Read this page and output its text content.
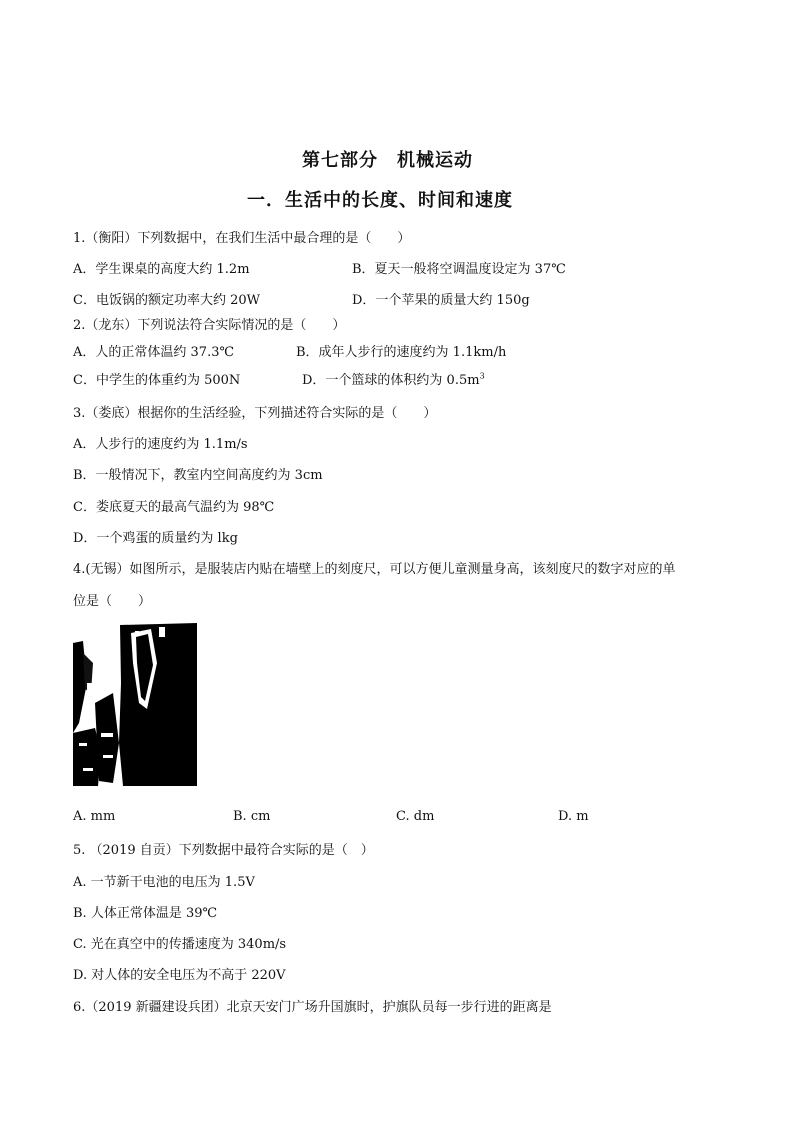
第七部分　机械运动
一．生活中的长度、时间和速度
1.（衡阳）下列数据中，在我们生活中最合理的是（　　）
A．学生课桌的高度大约 1.2m	B．夏天一般将空调温度设定为 37℃
C．电饭锅的额定功率大约 20W	D．一个苹果的质量大约 150g
2.（龙东）下列说法符合实际情况的是（　　）
A．人的正常体温约 37.3℃	B．成年人步行的速度约为 1.1km/h
C．中学生的体重约为 500N	D．一个篮球的体积约为 $0.5m^3$
3.（娄底）根据你的生活经验，下列描述符合实际的是（　　）
A．人步行的速度约为 1.1m/s
B．一般情况下，教室内空间高度约为 3cm
C．娄底夏天的最高气温约为 98℃
D．一个鸡蛋的质量约为 lkg
4.(无锡）如图所示，是服装店内贴在墙壁上的刻度尺，可以方便儿童测量身高，该刻度尺的数字对应的单
位是（　　）
A. mm	B. cm	C. dm	D. m
5. （2019 自贡）下列数据中最符合实际的是（　）
A. 一节新干电池的电压为 1.5V
B. 人体正常体温是 39℃
C. 光在真空中的传播速度为 340m/s
D. 对人体的安全电压为不高于 220V
6.（2019 新疆建设兵团）北京天安门广场升国旗时，护旗队员每一步行进的距离是
